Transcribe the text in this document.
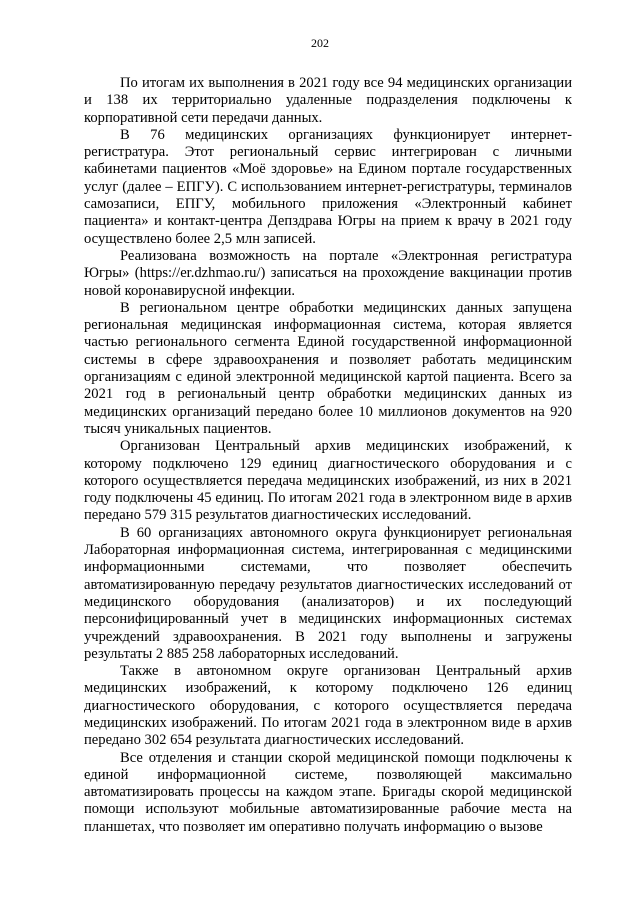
202

По итогам их выполнения в 2021 году все 94 медицинских организации и 138 их территориально удаленные подразделения подключены к корпоративной сети передачи данных.

В 76 медицинских организациях функционирует интернет-регистратура. Этот региональный сервис интегрирован с личными кабинетами пациентов «Моё здоровье» на Едином портале государственных услуг (далее – ЕПГУ). С использованием интернет-регистратуры, терминалов самозаписи, ЕПГУ, мобильного приложения «Электронный кабинет пациента» и контакт-центра Депздрава Югры на прием к врачу в 2021 году осуществлено более 2,5 млн записей.

Реализована возможность на портале «Электронная регистратура Югры» (https://er.dzhmao.ru/) записаться на прохождение вакцинации против новой коронавирусной инфекции.

В региональном центре обработки медицинских данных запущена региональная медицинская информационная система, которая является частью регионального сегмента Единой государственной информационной системы в сфере здравоохранения и позволяет работать медицинским организациям с единой электронной медицинской картой пациента. Всего за 2021 год в региональный центр обработки медицинских данных из медицинских организаций передано более 10 миллионов документов на 920 тысяч уникальных пациентов.

Организован Центральный архив медицинских изображений, к которому подключено 129 единиц диагностического оборудования и с которого осуществляется передача медицинских изображений, из них в 2021 году подключены 45 единиц. По итогам 2021 года в электронном виде в архив передано 579 315 результатов диагностических исследований.

В 60 организациях автономного округа функционирует региональная Лабораторная информационная система, интегрированная с медицинскими информационными системами, что позволяет обеспечить автоматизированную передачу результатов диагностических исследований от медицинского оборудования (анализаторов) и их последующий персонифицированный учет в медицинских информационных системах учреждений здравоохранения. В 2021 году выполнены и загружены результаты 2 885 258 лабораторных исследований.

Также в автономном округе организован Центральный архив медицинских изображений, к которому подключено 126 единиц диагностического оборудования, с которого осуществляется передача медицинских изображений. По итогам 2021 года в электронном виде в архив передано 302 654 результата диагностических исследований.

Все отделения и станции скорой медицинской помощи подключены к единой информационной системе, позволяющей максимально автоматизировать процессы на каждом этапе. Бригады скорой медицинской помощи используют мобильные автоматизированные рабочие места на планшетах, что позволяет им оперативно получать информацию о вызове
